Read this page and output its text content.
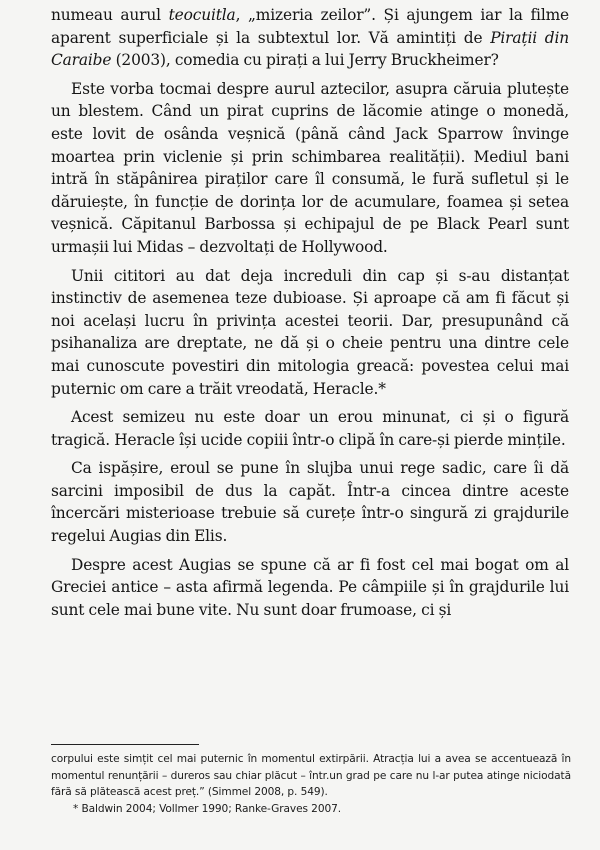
numeau aurul teocuitla, „mizeria zeilor”. Și ajungem iar la filme aparent superficiale și la subtextul lor. Vă amintiți de Pirații din Caraibe (2003), comedia cu pirați a lui Jerry Bruckheimer?

Este vorba tocmai despre aurul aztecilor, asupra căruia plutește un blestem. Când un pirat cuprins de lăcomie atinge o monedă, este lovit de osânda veșnică (până când Jack Sparrow învinge moartea prin viclenie și prin schimbarea realității). Mediul bani intră în stăpânirea piraților care îl consumă, le fură sufletul și le dăruiește, în funcție de dorința lor de acumulare, foamea și setea veșnică. Căpitanul Barbossa și echipajul de pe Black Pearl sunt urmașii lui Midas – dezvoltați de Hollywood.

Unii cititori au dat deja increduli din cap și s-au distanțat instinctiv de asemenea teze dubioase. Și aproape că am fi făcut și noi același lucru în privința acestei teorii. Dar, presupunând că psihanaliza are dreptate, ne dă și o cheie pentru una dintre cele mai cunoscute povestiri din mitologia greacă: povestea celui mai puternic om care a trăit vreodată, Heracle.*

Acest semizeu nu este doar un erou minunat, ci și o figură tragică. Heracle își ucide copiii într-o clipă în care-și pierde mințile.

Ca ispășire, eroul se pune în slujba unui rege sadic, care îi dă sarcini imposibil de dus la capăt. Într-a cincea dintre aceste încercări misterioase trebuie să curețe într-o singură zi grajdurile regelui Augias din Elis.

Despre acest Augias se spune că ar fi fost cel mai bogat om al Greciei antice – asta afirmă legenda. Pe câmpiile și în grajdurile lui sunt cele mai bune vite. Nu sunt doar frumoase, ci și

corpului este simțit cel mai puternic în momentul extirpării. Atracția lui a avea se accentuează în momentul renunțării – dureros sau chiar plăcut – într.un grad pe care nu l-ar putea atinge niciodată fără să plătească acest preț.” (Simmel 2008, p. 549).

* Baldwin 2004; Vollmer 1990; Ranke-Graves 2007.
